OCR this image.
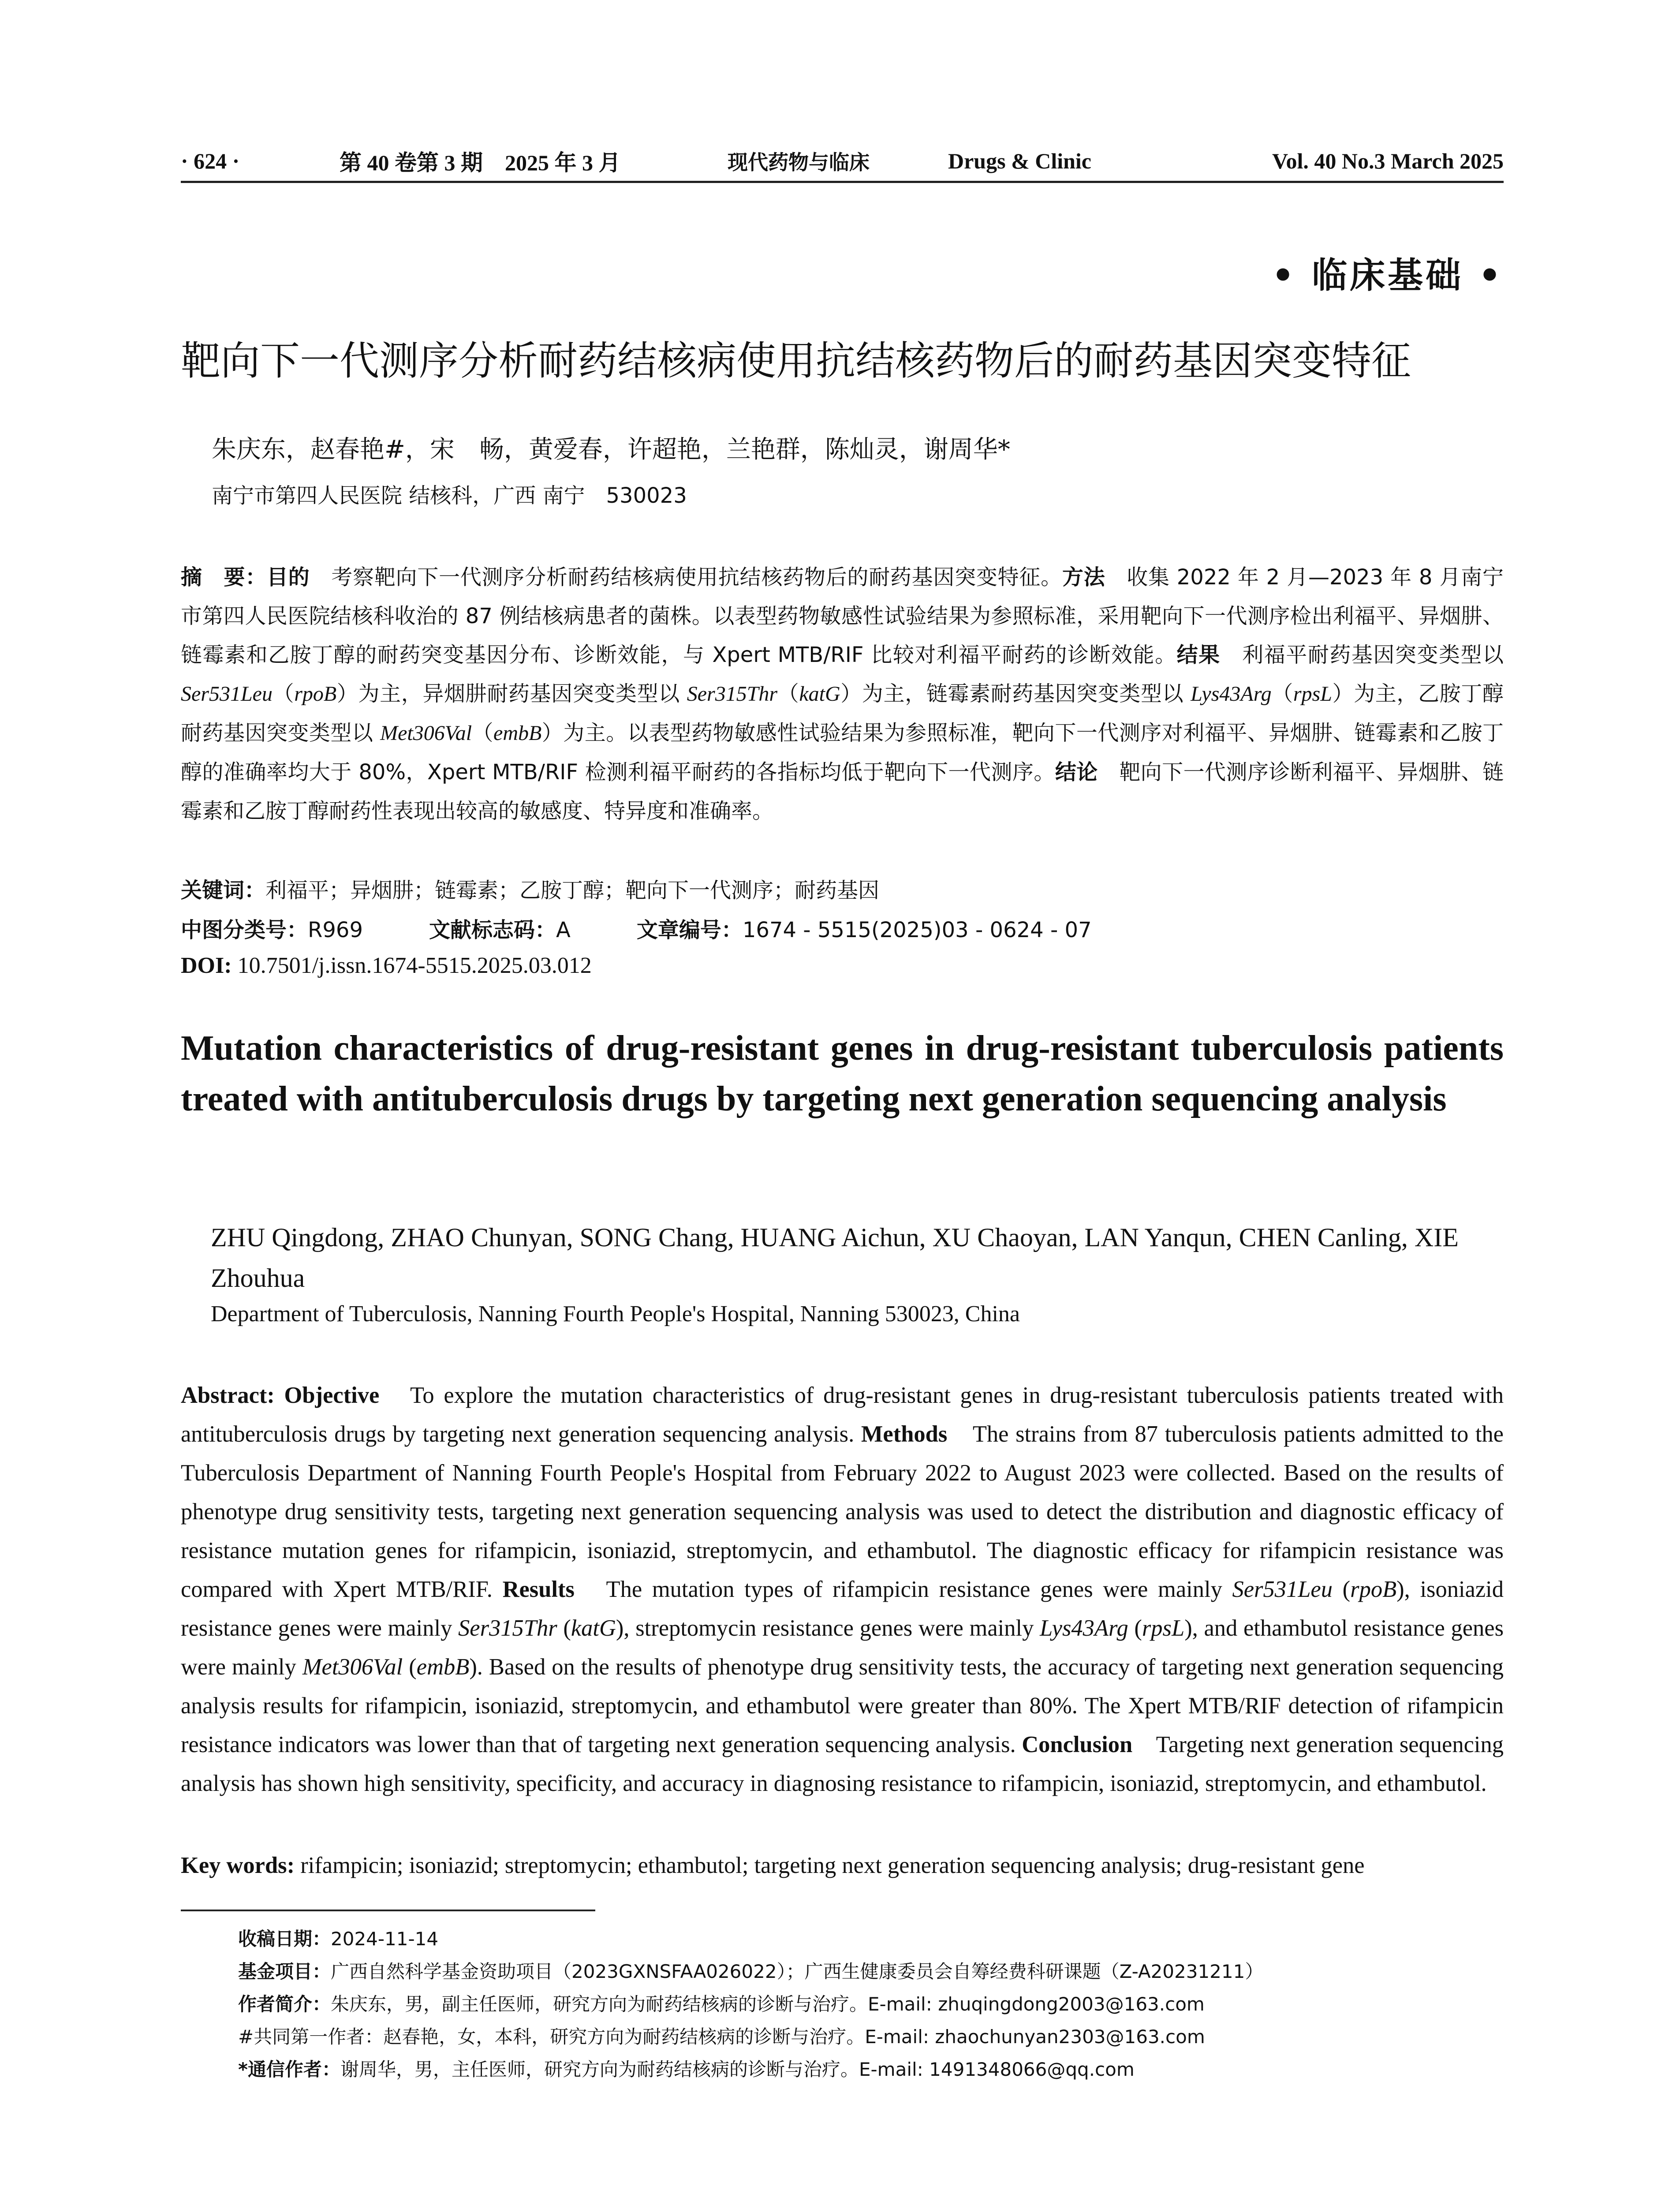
· 624 ·	第 40 卷第 3 期　2025 年 3 月	现代药物与临床	Drugs & Clinic	Vol. 40 No.3 March 2025
• 临床基础 •
靶向下一代测序分析耐药结核病使用抗结核药物后的耐药基因突变特征
朱庆东，赵春艳#，宋　畅，黄爱春，许超艳，兰艳群，陈灿灵，谢周华*
南宁市第四人民医院 结核科，广西 南宁　530023
摘　要：目的　考察靶向下一代测序分析耐药结核病使用抗结核药物后的耐药基因突变特征。方法　收集 2022 年 2 月—2023 年 8 月南宁市第四人民医院结核科收治的 87 例结核病患者的菌株。以表型药物敏感性试验结果为参照标准，采用靶向下一代测序检出利福平、异烟肼、链霉素和乙胺丁醇的耐药突变基因分布、诊断效能，与 Xpert MTB/RIF 比较对利福平耐药的诊断效能。结果　利福平耐药基因突变类型以 Ser531Leu（rpoB）为主，异烟肼耐药基因突变类型以 Ser315Thr（katG）为主，链霉素耐药基因突变类型以 Lys43Arg（rpsL）为主，乙胺丁醇耐药基因突变类型以 Met306Val（embB）为主。以表型药物敏感性试验结果为参照标准，靶向下一代测序对利福平、异烟肼、链霉素和乙胺丁醇的准确率均大于 80%，Xpert MTB/RIF 检测利福平耐药的各指标均低于靶向下一代测序。结论　靶向下一代测序诊断利福平、异烟肼、链霉素和乙胺丁醇耐药性表现出较高的敏感度、特异度和准确率。
关键词：利福平；异烟肼；链霉素；乙胺丁醇；靶向下一代测序；耐药基因
中图分类号：R969	文献标志码：A	文章编号：1674 - 5515(2025)03 - 0624 - 07
DOI: 10.7501/j.issn.1674-5515.2025.03.012
Mutation characteristics of drug-resistant genes in drug-resistant tuberculosis patients treated with antituberculosis drugs by targeting next generation sequencing analysis
ZHU Qingdong, ZHAO Chunyan, SONG Chang, HUANG Aichun, XU Chaoyan, LAN Yanqun, CHEN Canling, XIE Zhouhua
Department of Tuberculosis, Nanning Fourth People's Hospital, Nanning 530023, China
Abstract: Objective　To explore the mutation characteristics of drug-resistant genes in drug-resistant tuberculosis patients treated with antituberculosis drugs by targeting next generation sequencing analysis. Methods　The strains from 87 tuberculosis patients admitted to the Tuberculosis Department of Nanning Fourth People's Hospital from February 2022 to August 2023 were collected. Based on the results of phenotype drug sensitivity tests, targeting next generation sequencing analysis was used to detect the distribution and diagnostic efficacy of resistance mutation genes for rifampicin, isoniazid, streptomycin, and ethambutol. The diagnostic efficacy for rifampicin resistance was compared with Xpert MTB/RIF. Results　The mutation types of rifampicin resistance genes were mainly Ser531Leu (rpoB), isoniazid resistance genes were mainly Ser315Thr (katG), streptomycin resistance genes were mainly Lys43Arg (rpsL), and ethambutol resistance genes were mainly Met306Val (embB). Based on the results of phenotype drug sensitivity tests, the accuracy of targeting next generation sequencing analysis results for rifampicin, isoniazid, streptomycin, and ethambutol were greater than 80%. The Xpert MTB/RIF detection of rifampicin resistance indicators was lower than that of targeting next generation sequencing analysis. Conclusion　Targeting next generation sequencing analysis has shown high sensitivity, specificity, and accuracy in diagnosing resistance to rifampicin, isoniazid, streptomycin, and ethambutol.
Key words: rifampicin; isoniazid; streptomycin; ethambutol; targeting next generation sequencing analysis; drug-resistant gene
收稿日期：2024-11-14
基金项目：广西自然科学基金资助项目（2023GXNSFAA026022）；广西生健康委员会自筹经费科研课题（Z-A20231211）
作者简介：朱庆东，男，副主任医师，研究方向为耐药结核病的诊断与治疗。E-mail: zhuqingdong2003@163.com
#共同第一作者：赵春艳，女，本科，研究方向为耐药结核病的诊断与治疗。E-mail: zhaochunyan2303@163.com
*通信作者：谢周华，男，主任医师，研究方向为耐药结核病的诊断与治疗。E-mail: 1491348066@qq.com
